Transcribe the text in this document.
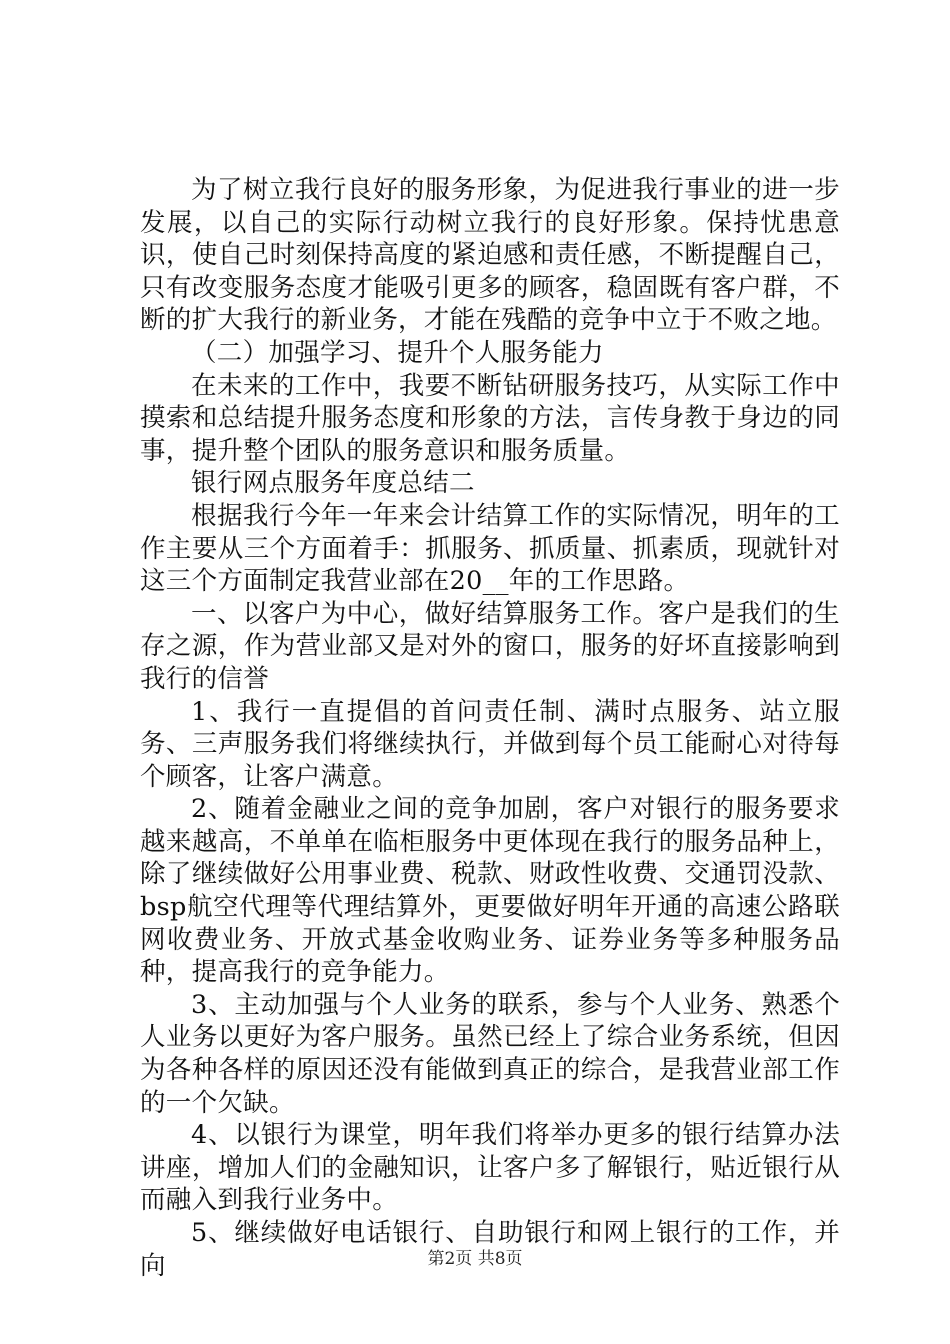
为了树立我行良好的服务形象，为促进我行事业的进一步发展，以自己的实际行动树立我行的良好形象。保持忧患意识，使自己时刻保持高度的紧迫感和责任感，不断提醒自己，只有改变服务态度才能吸引更多的顾客，稳固既有客户群，不断的扩大我行的新业务，才能在残酷的竞争中立于不败之地。

（二）加强学习、提升个人服务能力

在未来的工作中，我要不断钻研服务技巧，从实际工作中摸索和总结提升服务态度和形象的方法，言传身教于身边的同事，提升整个团队的服务意识和服务质量。

银行网点服务年度总结二

根据我行今年一年来会计结算工作的实际情况，明年的工作主要从三个方面着手：抓服务、抓质量、抓素质，现就针对这三个方面制定我营业部在20__年的工作思路。

一、以客户为中心，做好结算服务工作。客户是我们的生存之源，作为营业部又是对外的窗口，服务的好坏直接影响到我行的信誉

1、我行一直提倡的首问责任制、满时点服务、站立服务、三声服务我们将继续执行，并做到每个员工能耐心对待每个顾客，让客户满意。

2、随着金融业之间的竞争加剧，客户对银行的服务要求越来越高，不单单在临柜服务中更体现在我行的服务品种上，除了继续做好公用事业费、税款、财政性收费、交通罚没款、bsp航空代理等代理结算外，更要做好明年开通的高速公路联网收费业务、开放式基金收购业务、证券业务等多种服务品种，提高我行的竞争能力。

3、主动加强与个人业务的联系，参与个人业务、熟悉个人业务以更好为客户服务。虽然已经上了综合业务系统，但因为各种各样的原因还没有能做到真正的综合，是我营业部工作的一个欠缺。

4、以银行为课堂，明年我们将举办更多的银行结算办法讲座，增加人们的金融知识，让客户多了解银行，贴近银行从而融入到我行业务中。

5、继续做好电话银行、自助银行和网上银行的工作，并向	第2页 共8页
